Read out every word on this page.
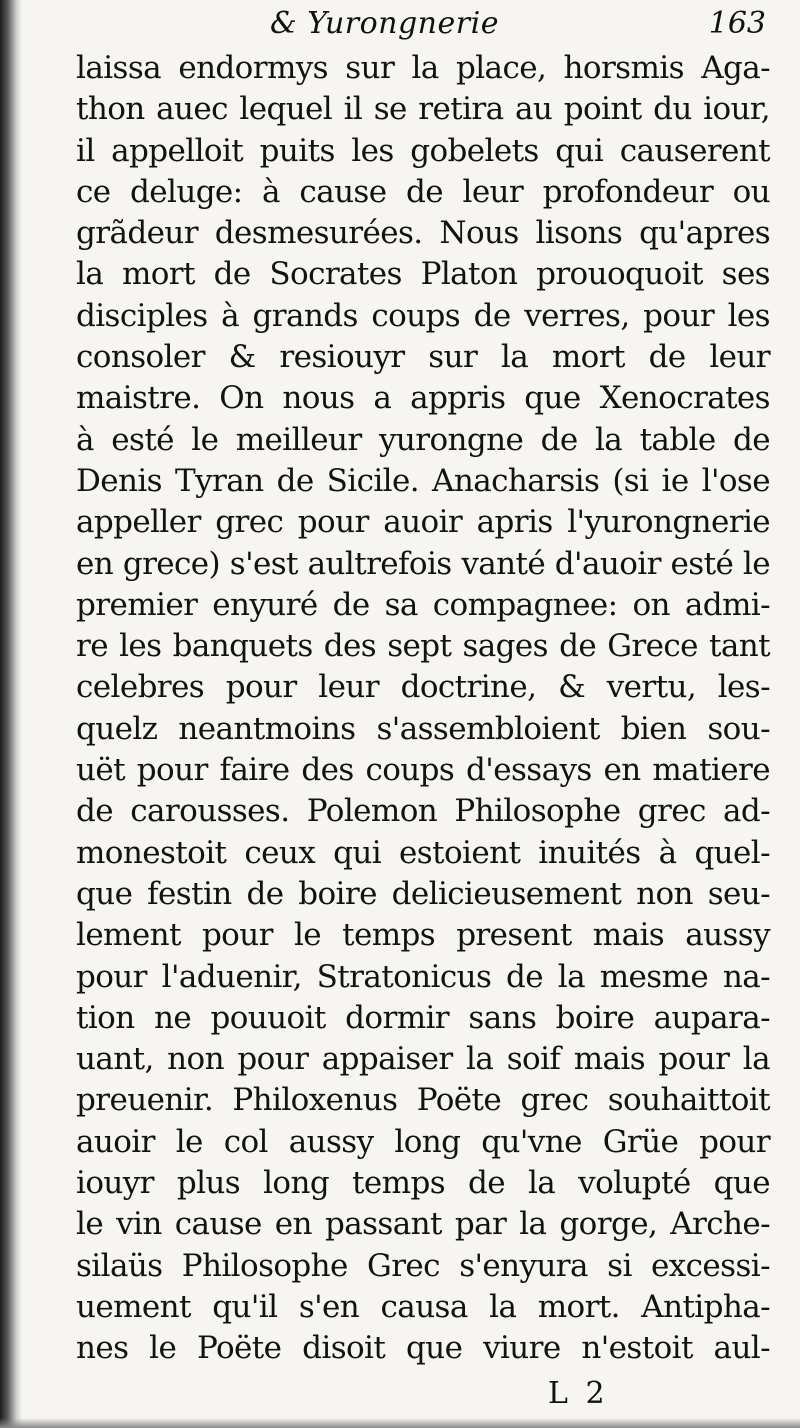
& Yurongnerie	163
laissa endormys sur la place, horsmis Aga-
thon auec lequel il se retira au point du iour,
il appelloit puits les gobelets qui causerent
ce deluge: à cause de leur profondeur ou
grãdeur desmesurées. Nous lisons qu'apres
la mort de Socrates Platon prouoquoit ses
disciples à grands coups de verres, pour les
consoler & resiouyr sur la mort de leur
maistre. On nous a appris que Xenocrates
à esté le meilleur yurongne de la table de
Denis Tyran de Sicile. Anacharsis (si ie l'ose
appeller grec pour auoir apris l'yurongnerie
en grece) s'est aultrefois vanté d'auoir esté le
premier enyuré de sa compagnee: on admi-
re les banquets des sept sages de Grece tant
celebres pour leur doctrine, & vertu, les-
quelz neantmoins s'assembloient bien sou-
uët pour faire des coups d'essays en matiere
de carousses. Polemon Philosophe grec ad-
monestoit ceux qui estoient inuités à quel-
que festin de boire delicieusement non seu-
lement pour le temps present mais aussy
pour l'aduenir, Stratonicus de la mesme na-
tion ne pouuoit dormir sans boire aupara-
uant, non pour appaiser la soif mais pour la
preuenir. Philoxenus Poëte grec souhaittoit
auoir le col aussy long qu'vne Grüe pour
iouyr plus long temps de la volupté que
le vin cause en passant par la gorge, Arche-
silaüs Philosophe Grec s'enyura si excessi-
uement qu'il s'en causa la mort. Antipha-
nes le Poëte disoit que viure n'estoit aul-
L 2
